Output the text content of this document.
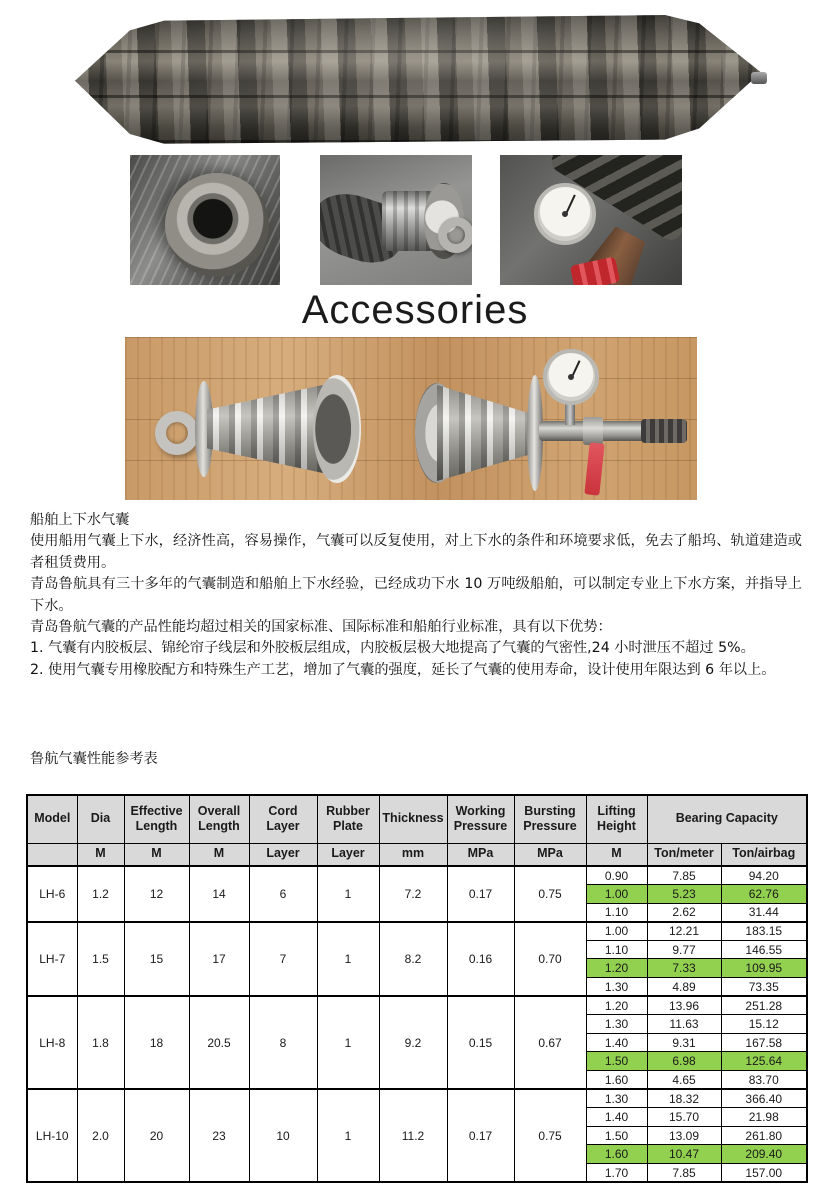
Accessories

船舶上下水气囊

使用船用气囊上下水，经济性高，容易操作，气囊可以反复使用，对上下水的条件和环境要求低，免去了船坞、轨道建造或者租赁费用。

青岛鲁航具有三十多年的气囊制造和船舶上下水经验，已经成功下水 10 万吨级船舶，可以制定专业上下水方案，并指导上下水。

青岛鲁航气囊的产品性能均超过相关的国家标准、国际标准和船舶行业标准，具有以下优势：

1. 气囊有内胶板层、锦纶帘子线层和外胶板层组成，内胶板层极大地提高了气囊的气密性,24 小时泄压不超过 5%。

2. 使用气囊专用橡胶配方和特殊生产工艺，增加了气囊的强度，延长了气囊的使用寿命，设计使用年限达到 6 年以上。

鲁航气囊性能参考表
Model	Dia	Effective Length	Overall Length	Cord Layer	Rubber Plate	Thickness	Working Pressure	Bursting Pressure	Lifting Height	Bearing Capacity	
	M	M	M	Layer	Layer	mm	MPa	MPa	M	Ton/meter	Ton/airbag
LH-6	1.2	12	14	6	1	7.2	0.17	0.75	0.90	7.85	94.20
									1.00	5.23	62.76
									1.10	2.62	31.44
LH-7	1.5	15	17	7	1	8.2	0.16	0.70	1.00	12.21	183.15
									1.10	9.77	146.55
									1.20	7.33	109.95
									1.30	4.89	73.35
LH-8	1.8	18	20.5	8	1	9.2	0.15	0.67	1.20	13.96	251.28
									1.30	11.63	15.12
									1.40	9.31	167.58
									1.50	6.98	125.64
									1.60	4.65	83.70
LH-10	2.0	20	23	10	1	11.2	0.17	0.75	1.30	18.32	366.40
									1.40	15.70	21.98
									1.50	13.09	261.80
									1.60	10.47	209.40
									1.70	7.85	157.00
